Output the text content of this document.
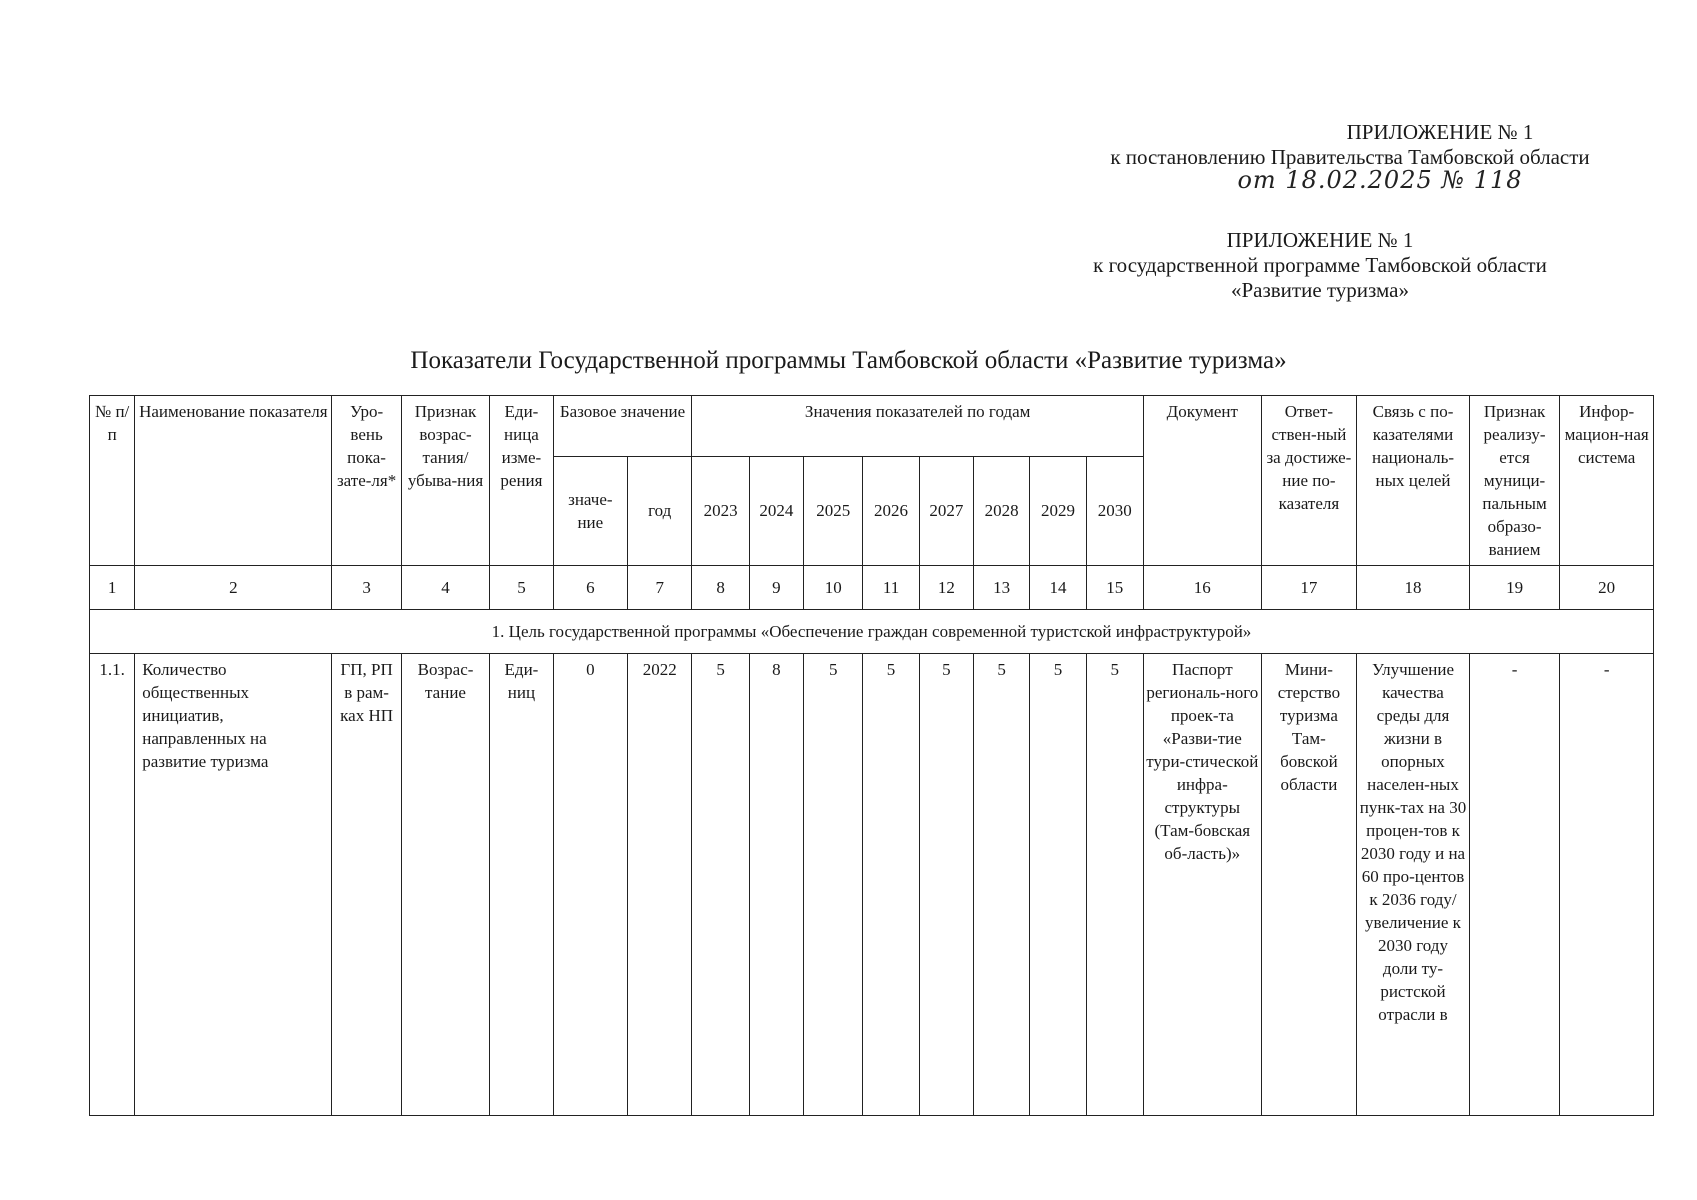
ПРИЛОЖЕНИЕ № 1
к постановлению Правительства Тамбовской области
от 18.02.2025 № 118
ПРИЛОЖЕНИЕ № 1
к государственной программе Тамбовской области
«Развитие туризма»
Показатели Государственной программы Тамбовской области «Развитие туризма»
№ п/п	Наименование показателя	Уро-вень пока-зате-ля*	Признак возрас-тания/ убыва-ния	Еди-ница изме-рения	Базовое значение		Значения показателей по годам								Документ	Ответ-ствен-ный за достиже-ние по-казателя	Связь с по-казателями националь-ных целей	Признак реализу-ется муници-пальным образо-ванием	Инфор-мацион-ная система
					значе-ние	год	2023	2024	2025	2026	2027	2028	2029	2030					
1	2	3	4	5	6	7	8	9	10	11	12	13	14	15	16	17	18	19	20
1. Цель государственной программы «Обеспечение граждан современной туристской инфраструктурой»																			
1.1.	Количество общественных инициатив, направленных на развитие туризма	ГП, РП в рам-ках НП	Возрас-тание	Еди-ниц	0	2022	5	8	5	5	5	5	5	5	Паспорт региональ-ного проек-та «Разви-тие тури-стической инфра-структуры (Там-бовская об-ласть)»	Мини-стерство туризма Там-бовской области	Улучшение качества среды для жизни в опорных населен-ных пунк-тах на 30 процен-тов к 2030 году и на 60 про-центов к 2036 году/ увеличение к 2030 году доли ту-ристской отрасли в	-	-
